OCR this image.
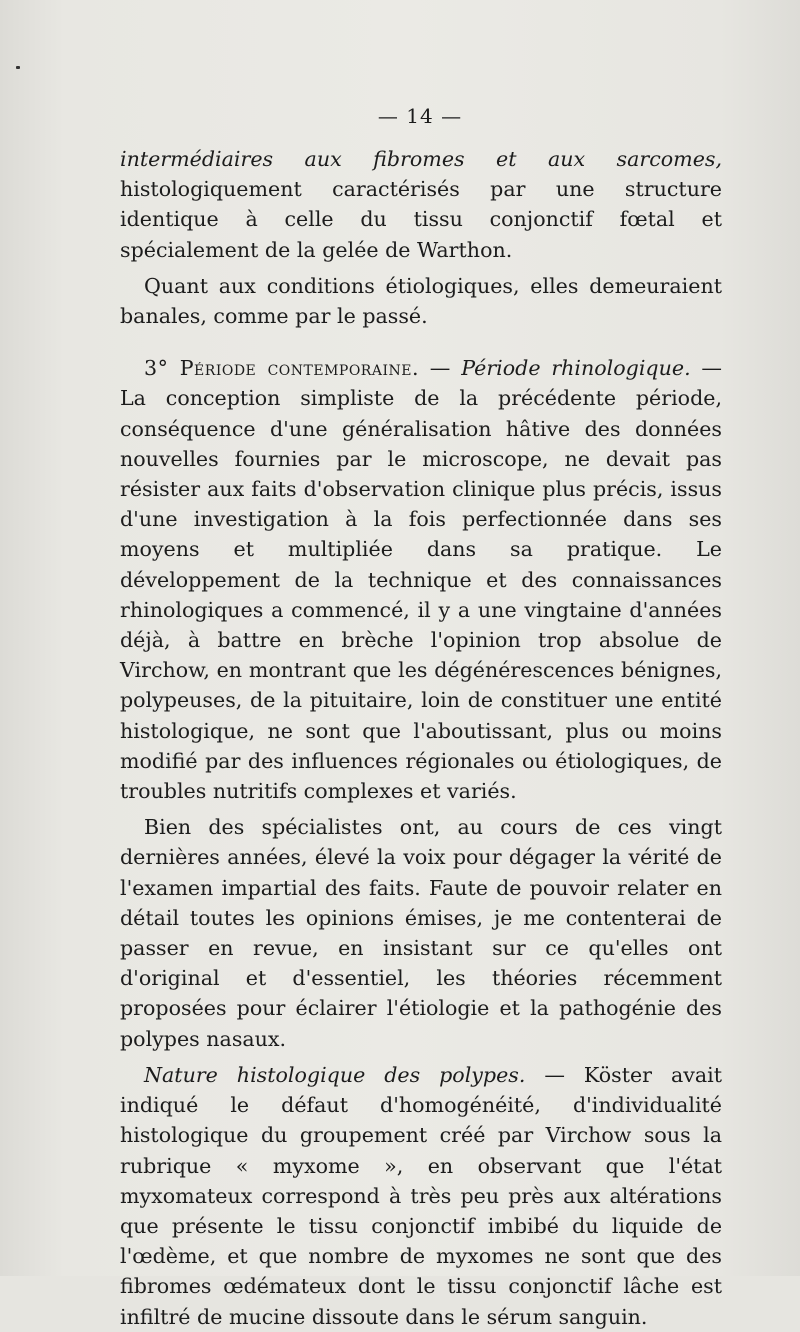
— 14 —

intermédiaires aux fibromes et aux sarcomes, histologiquement caractérisés par une structure identique à celle du tissu conjonctif fœtal et spécialement de la gelée de Warthon.

Quant aux conditions étiologiques, elles demeuraient banales, comme par le passé.

3° Période contemporaine. — Période rhinologique. — La conception simpliste de la précédente période, conséquence d'une généralisation hâtive des données nouvelles fournies par le microscope, ne devait pas résister aux faits d'observation clinique plus précis, issus d'une investigation à la fois perfectionnée dans ses moyens et multipliée dans sa pratique. Le développement de la technique et des connaissances rhinologiques a commencé, il y a une vingtaine d'années déjà, à battre en brèche l'opinion trop absolue de Virchow, en montrant que les dégénérescences bénignes, polypeuses, de la pituitaire, loin de constituer une entité histologique, ne sont que l'aboutissant, plus ou moins modifié par des influences régionales ou étiologiques, de troubles nutritifs complexes et variés.

Bien des spécialistes ont, au cours de ces vingt dernières années, élevé la voix pour dégager la vérité de l'examen impartial des faits. Faute de pouvoir relater en détail toutes les opinions émises, je me contenterai de passer en revue, en insistant sur ce qu'elles ont d'original et d'essentiel, les théories récemment proposées pour éclairer l'étiologie et la pathogénie des polypes nasaux.

Nature histologique des polypes. — Köster avait indiqué le défaut d'homogénéité, d'individualité histologique du groupement créé par Virchow sous la rubrique « myxome », en observant que l'état myxomateux correspond à très peu près aux altérations que présente le tissu conjonctif imbibé du liquide de l'œdème, et que nombre de myxomes ne sont que des fibromes œdémateux dont le tissu conjonctif lâche est infiltré de mucine dissoute dans le sérum sanguin.
